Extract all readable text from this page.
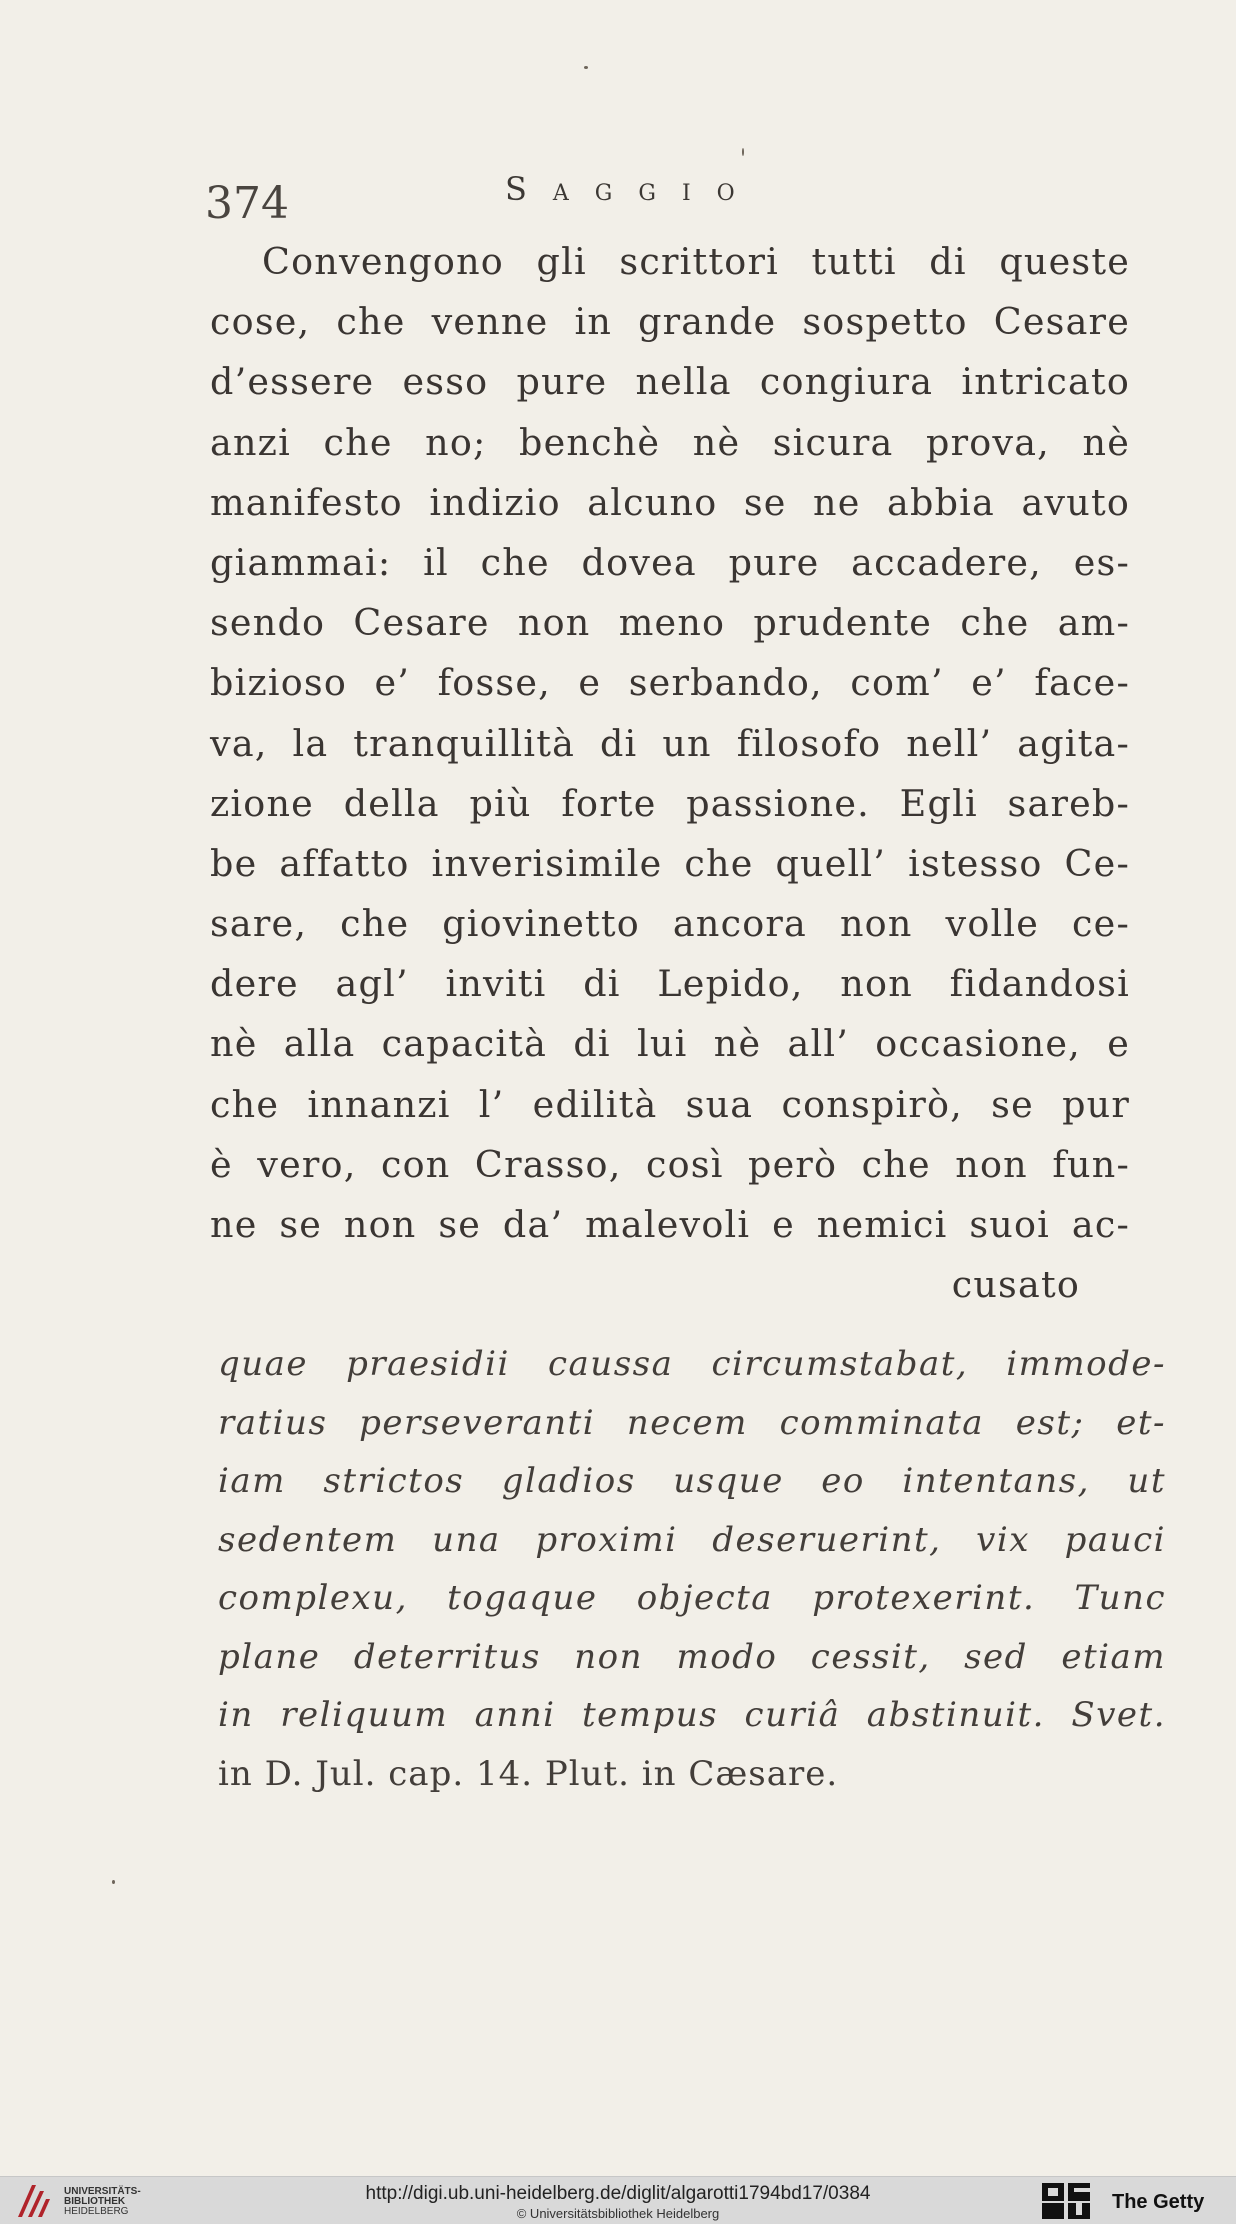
374	Saggio
Convengono gli scrittori tutti di queste
cose, che venne in grande sospetto Cesare
d’essere esso pure nella congiura intricato
anzi che no; benchè nè sicura prova, nè
manifesto indizio alcuno se ne abbia avuto
giammai: il che dovea pure accadere, es-
sendo Cesare non meno prudente che am-
bizioso e’ fosse, e serbando, com’ e’ face-
va, la tranquillità di un filosofo nell’ agita-
zione della più forte passione. Egli sareb-
be affatto inverisimile che quell’ istesso Ce-
sare, che giovinetto ancora non volle ce-
dere agl’ inviti di Lepido, non fidandosi
nè alla capacità di lui nè all’ occasione, e
che innanzi l’ edilità sua conspirò, se pur
è vero, con Crasso, così però che non fun-
ne se non se da’ malevoli e nemici suoi ac-
cusato
quae praesidii caussa circumstabat, immode-
ratius perseveranti necem comminata est; et-
iam strictos gladios usque eo intentans, ut
sedentem una proximi deseruerint, vix pauci
complexu, togaque objecta protexerint. Tunc
plane deterritus non modo cessit, sed etiam
in reliquum anni tempus curiâ abstinuit. Svet.
in D. Jul. cap. 14. Plut. in Cæsare.
UNIVERSITÄTS-
BIBLIOTHEK
HEIDELBERG
http://digi.ub.uni-heidelberg.de/diglit/algarotti1794bd17/0384
© Universitätsbibliothek Heidelberg
The Getty
